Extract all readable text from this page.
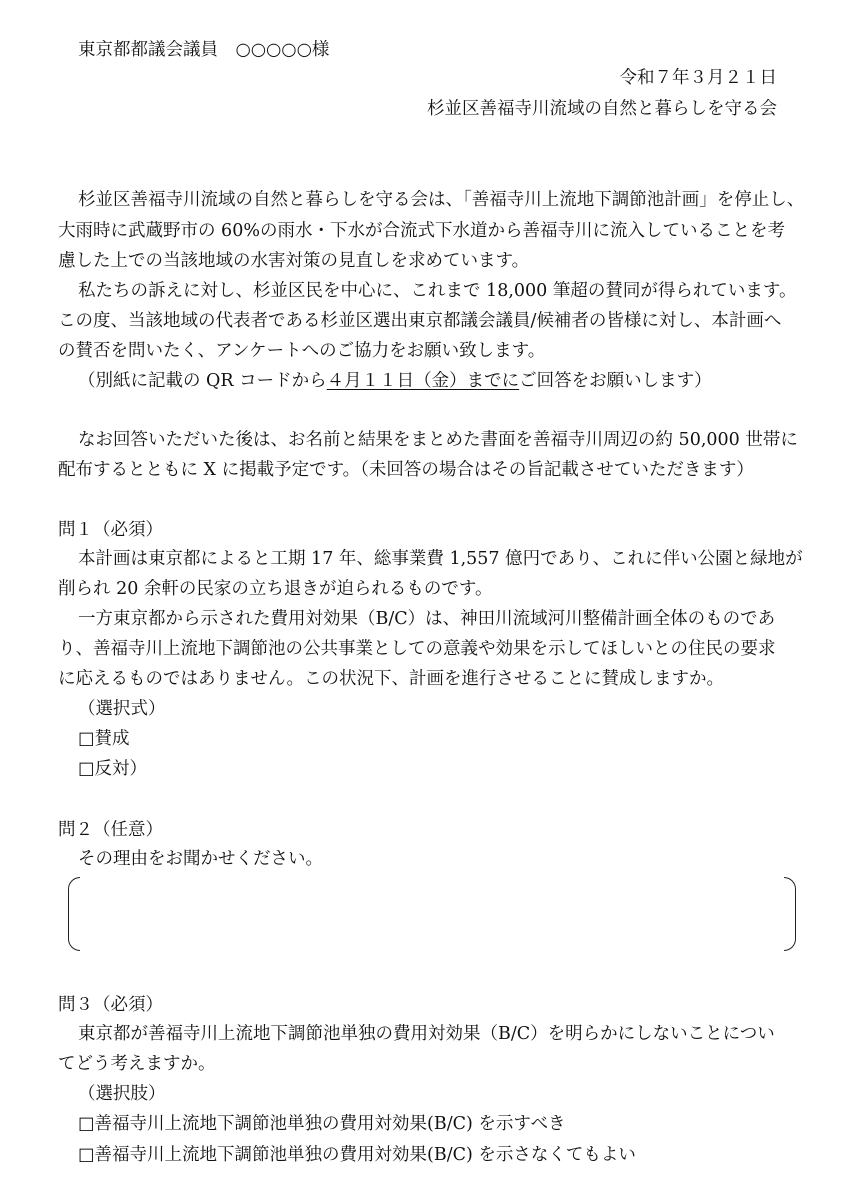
東京都都議会議員　○○○○○様
令和７年３月２１日
杉並区善福寺川流域の自然と暮らしを守る会
杉並区善福寺川流域の自然と暮らしを守る会は、「善福寺川上流地下調節池計画」を停止し、
大雨時に武蔵野市の 60%の雨水・下水が合流式下水道から善福寺川に流入していることを考
慮した上での当該地域の水害対策の見直しを求めています。
私たちの訴えに対し、杉並区民を中心に、これまで 18,000 筆超の賛同が得られています。
この度、当該地域の代表者である杉並区選出東京都議会議員/候補者の皆様に対し、本計画へ
の賛否を問いたく、アンケートへのご協力をお願い致します。
（別紙に記載の QR コードから４月１１日（金）までにご回答をお願いします）
なお回答いただいた後は、お名前と結果をまとめた書面を善福寺川周辺の約 50,000 世帯に
配布するとともに X に掲載予定です。（未回答の場合はその旨記載させていただきます）
問１（必須）
本計画は東京都によると工期 17 年、総事業費 1,557 億円であり、これに伴い公園と緑地が
削られ 20 余軒の民家の立ち退きが迫られるものです。
一方東京都から示された費用対効果（B/C）は、神田川流域河川整備計画全体のものであ
り、善福寺川上流地下調節池の公共事業としての意義や効果を示してほしいとの住民の要求
に応えるものではありません。この状況下、計画を進行させることに賛成しますか。
（選択式）
□賛成
□反対）
問２（任意）
その理由をお聞かせください。
問３（必須）
東京都が善福寺川上流地下調節池単独の費用対効果（B/C）を明らかにしないことについ
てどう考えますか。
（選択肢）
□善福寺川上流地下調節池単独の費用対効果(B/C) を示すべき
□善福寺川上流地下調節池単独の費用対効果(B/C) を示さなくてもよい
